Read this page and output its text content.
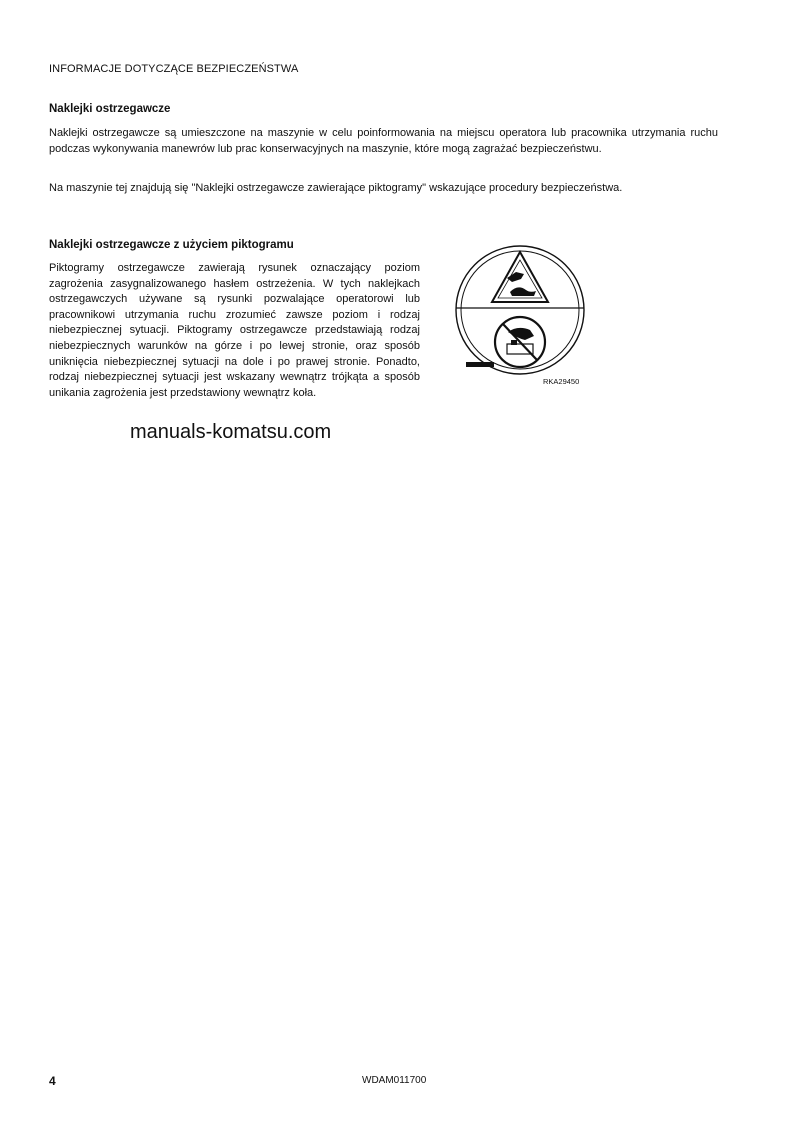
INFORMACJE DOTYCZĄCE BEZPIECZEŃSTWA
Naklejki ostrzegawcze

Naklejki ostrzegawcze są umieszczone na maszynie w celu poinformowania na miejscu operatora lub pracownika utrzymania ruchu podczas wykonywania manewrów lub prac konserwacyjnych na maszynie, które mogą zagrażać bezpieczeństwu.

Na maszynie tej znajdują się "Naklejki ostrzegawcze zawierające piktogramy" wskazujące procedury bezpieczeństwa.

Naklejki ostrzegawcze z użyciem piktogramu

Piktogramy ostrzegawcze zawierają rysunek oznaczający poziom zagrożenia zasygnalizowanego hasłem ostrzeżenia. W tych naklejkach ostrzegawczych używane są rysunki pozwalające operatorowi lub pracownikowi utrzymania ruchu zrozumieć zawsze poziom i rodzaj niebezpiecznej sytuacji. Piktogramy ostrzegawcze przedstawiają rodzaj niebezpiecznych warunków na górze i po lewej stronie, oraz sposób uniknięcia niebezpiecznej sytuacji na dole i po prawej stronie. Ponadto, rodzaj niebezpiecznej sytuacji jest wskazany wewnątrz trójkąta a sposób unikania zagrożenia jest przedstawiony wewnątrz koła.

manuals-komatsu.com
RKA29450
4	WDAM011700
